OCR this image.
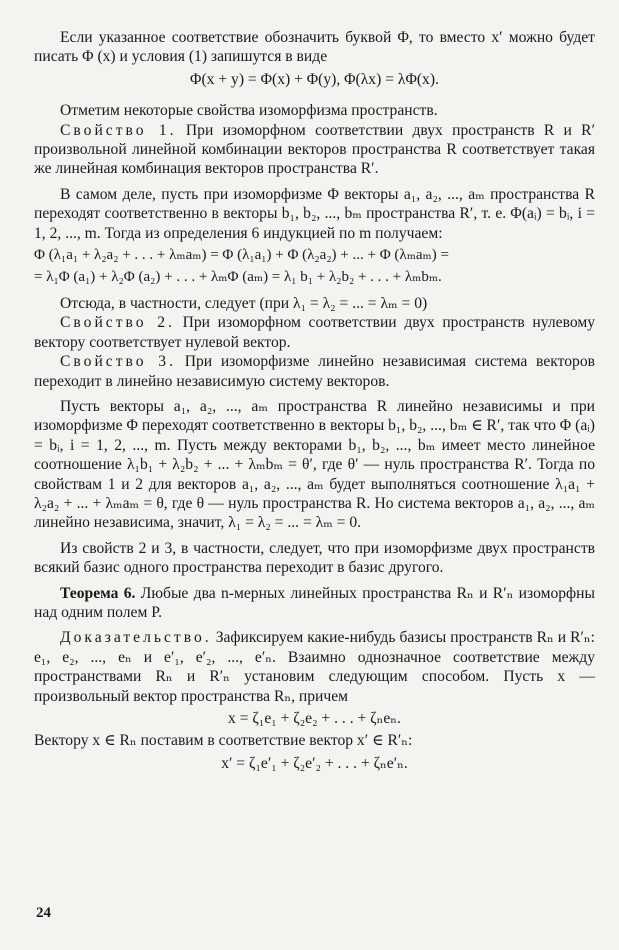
Если указанное соответствие обозначить буквой Φ, то вместо x′ можно будет писать Φ (x) и условия (1) запишутся в виде
Φ(x + y) = Φ(x) + Φ(y), Φ(λx) = λΦ(x).
Отметим некоторые свойства изоморфизма пространств.
Свойство 1. При изоморфном соответствии двух пространств R и R′ произвольной линейной комбинации векторов пространства R соответствует такая же линейная комбинация векторов пространства R′.
В самом деле, пусть при изоморфизме Φ векторы a₁, a₂, ..., aₘ пространства R переходят соответственно в векторы b₁, b₂, ..., bₘ пространства R′, т. е. Φ(aᵢ) = bᵢ, i = 1, 2, ..., m. Тогда из определения 6 индукцией по m получаем:
Φ (λ₁a₁ + λ₂a₂ + . . . + λₘaₘ) = Φ (λ₁a₁) + Φ (λ₂a₂) + ... + Φ (λₘaₘ) =
= λ₁Φ (a₁) + λ₂Φ (a₂) + . . . + λₘΦ (aₘ) = λ₁ b₁ + λ₂b₂ + . . . + λₘbₘ.
Отсюда, в частности, следует (при λ₁ = λ₂ = ... = λₘ = 0)
Свойство 2. При изоморфном соответствии двух пространств нулевому вектору соответствует нулевой вектор.
Свойство 3. При изоморфизме линейно независимая система векторов переходит в линейно независимую систему векторов.
Пусть векторы a₁, a₂, ..., aₘ пространства R линейно независимы и при изоморфизме Φ переходят соответственно в векторы b₁, b₂, ..., bₘ ∈ R′, так что Φ (aᵢ) = bᵢ, i = 1, 2, ..., m. Пусть между векторами b₁, b₂, ..., bₘ имеет место линейное соотношение λ₁b₁ + λ₂b₂ + ... + λₘbₘ = θ′, где θ′ — нуль пространства R′. Тогда по свойствам 1 и 2 для векторов a₁, a₂, ..., aₘ будет выполняться соотношение λ₁a₁ + λ₂a₂ + ... + λₘaₘ = θ, где θ — нуль пространства R. Но система векторов a₁, a₂, ..., aₘ линейно независима, значит, λ₁ = λ₂ = ... = λₘ = 0.
Из свойств 2 и 3, в частности, следует, что при изоморфизме двух пространств всякий базис одного пространства переходит в базис другого.
Теорема 6. Любые два n-мерных линейных пространства Rₙ и R′ₙ изоморфны над одним полем P.
Доказательство. Зафиксируем какие-нибудь базисы пространств Rₙ и R′ₙ: e₁, e₂, ..., eₙ и e′₁, e′₂, ..., e′ₙ. Взаимно однозначное соответствие между пространствами Rₙ и R′ₙ установим следующим способом. Пусть x — произвольный вектор пространства Rₙ, причем
x = ζ₁e₁ + ζ₂e₂ + . . . + ζₙeₙ.
Вектору x ∈ Rₙ поставим в соответствие вектор x′ ∈ R′ₙ:
x′ = ζ₁e′₁ + ζ₂e′₂ + . . . + ζₙe′ₙ.
24
